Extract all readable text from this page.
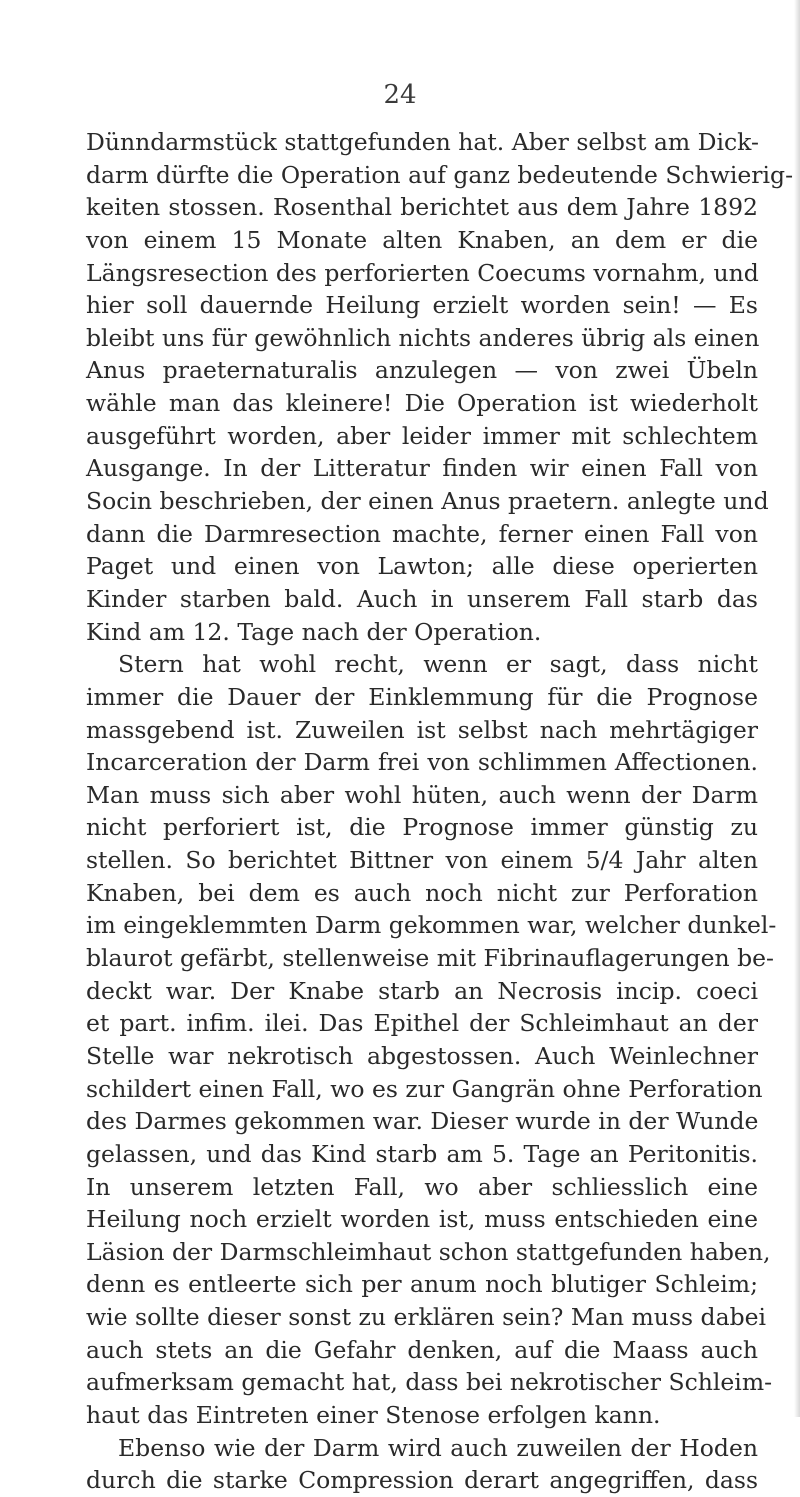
24
Dünndarmstück stattgefunden hat. Aber selbst am Dick-
darm dürfte die Operation auf ganz bedeutende Schwierig-
keiten stossen. Rosenthal berichtet aus dem Jahre 1892
von einem 15 Monate alten Knaben, an dem er die
Längsresection des perforierten Coecums vornahm, und
hier soll dauernde Heilung erzielt worden sein! — Es
bleibt uns für gewöhnlich nichts anderes übrig als einen
Anus praeternaturalis anzulegen — von zwei Übeln
wähle man das kleinere! Die Operation ist wiederholt
ausgeführt worden, aber leider immer mit schlechtem
Ausgange. In der Litteratur finden wir einen Fall von
Socin beschrieben, der einen Anus praetern. anlegte und
dann die Darmresection machte, ferner einen Fall von
Paget und einen von Lawton; alle diese operierten
Kinder starben bald. Auch in unserem Fall starb das
Kind am 12. Tage nach der Operation.
Stern hat wohl recht, wenn er sagt, dass nicht
immer die Dauer der Einklemmung für die Prognose
massgebend ist. Zuweilen ist selbst nach mehrtägiger
Incarceration der Darm frei von schlimmen Affectionen.
Man muss sich aber wohl hüten, auch wenn der Darm
nicht perforiert ist, die Prognose immer günstig zu
stellen. So berichtet Bittner von einem 5/4 Jahr alten
Knaben, bei dem es auch noch nicht zur Perforation
im eingeklemmten Darm gekommen war, welcher dunkel-
blaurot gefärbt, stellenweise mit Fibrinauflagerungen be-
deckt war. Der Knabe starb an Necrosis incip. coeci
et part. infim. ilei. Das Epithel der Schleimhaut an der
Stelle war nekrotisch abgestossen. Auch Weinlechner
schildert einen Fall, wo es zur Gangrän ohne Perforation
des Darmes gekommen war. Dieser wurde in der Wunde
gelassen, und das Kind starb am 5. Tage an Peritonitis.
In unserem letzten Fall, wo aber schliesslich eine
Heilung noch erzielt worden ist, muss entschieden eine
Läsion der Darmschleimhaut schon stattgefunden haben,
denn es entleerte sich per anum noch blutiger Schleim;
wie sollte dieser sonst zu erklären sein? Man muss dabei
auch stets an die Gefahr denken, auf die Maass auch
aufmerksam gemacht hat, dass bei nekrotischer Schleim-
haut das Eintreten einer Stenose erfolgen kann.
Ebenso wie der Darm wird auch zuweilen der Hoden
durch die starke Compression derart angegriffen, dass
